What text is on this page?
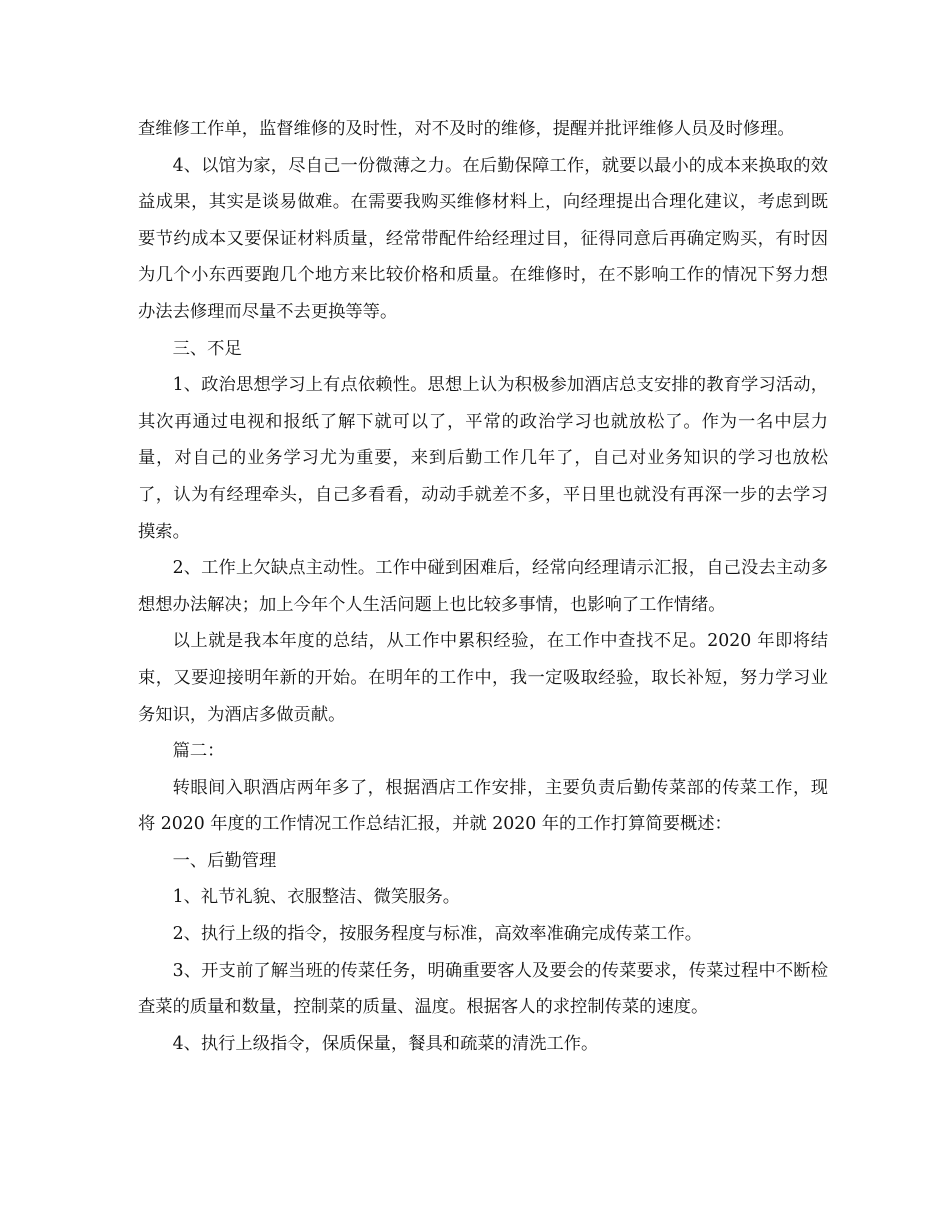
查维修工作单，监督维修的及时性，对不及时的维修，提醒并批评维修人员及时修理。

4、以馆为家，尽自己一份微薄之力。在后勤保障工作，就要以最小的成本来换取的效益成果，其实是谈易做难。在需要我购买维修材料上，向经理提出合理化建议，考虑到既要节约成本又要保证材料质量，经常带配件给经理过目，征得同意后再确定购买，有时因为几个小东西要跑几个地方来比较价格和质量。在维修时，在不影响工作的情况下努力想办法去修理而尽量不去更换等等。

三、不足

1、政治思想学习上有点依赖性。思想上认为积极参加酒店总支安排的教育学习活动，其次再通过电视和报纸了解下就可以了，平常的政治学习也就放松了。作为一名中层力量，对自己的业务学习尤为重要，来到后勤工作几年了，自己对业务知识的学习也放松了，认为有经理牵头，自己多看看，动动手就差不多，平日里也就没有再深一步的去学习摸索。

2、工作上欠缺点主动性。工作中碰到困难后，经常向经理请示汇报，自己没去主动多想想办法解决；加上今年个人生活问题上也比较多事情，也影响了工作情绪。

以上就是我本年度的总结，从工作中累积经验，在工作中查找不足。2020 年即将结束，又要迎接明年新的开始。在明年的工作中，我一定吸取经验，取长补短，努力学习业务知识，为酒店多做贡献。

篇二：

转眼间入职酒店两年多了，根据酒店工作安排，主要负责后勤传菜部的传菜工作，现将 2020 年度的工作情况工作总结汇报，并就 2020 年的工作打算简要概述：

一、后勤管理

1、礼节礼貌、衣服整洁、微笑服务。

2、执行上级的指令，按服务程度与标准，高效率准确完成传菜工作。

3、开支前了解当班的传菜任务，明确重要客人及要会的传菜要求，传菜过程中不断检查菜的质量和数量，控制菜的质量、温度。根据客人的求控制传菜的速度。

4、执行上级指令，保质保量，餐具和疏菜的清洗工作。
